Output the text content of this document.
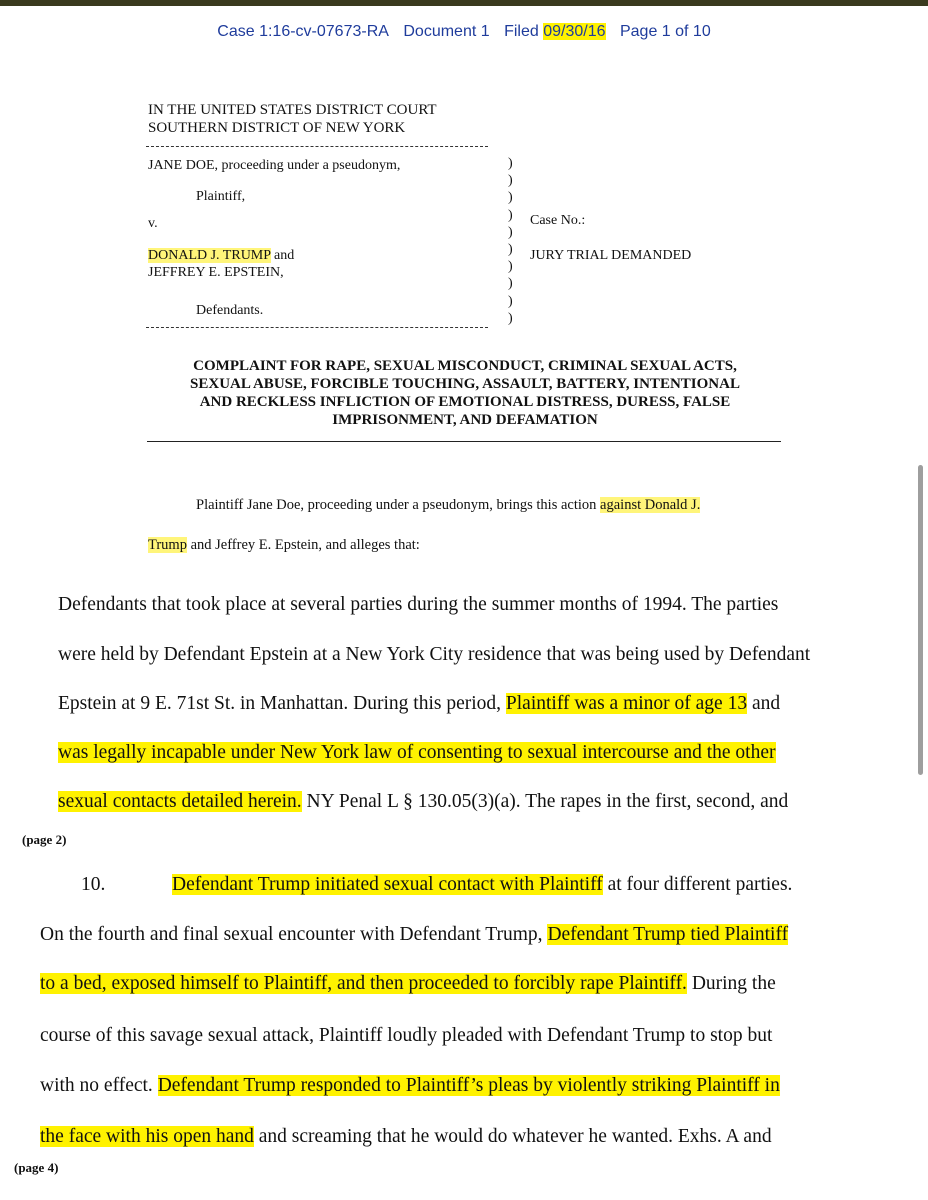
Case 1:16-cv-07673-RA Document 1 Filed 09/30/16 Page 1 of 10
IN THE UNITED STATES DISTRICT COURT
SOUTHERN DISTRICT OF NEW YORK
JANE DOE, proceeding under a pseudonym,
Plaintiff,
v.
DONALD J. TRUMP and
JEFFREY E. EPSTEIN,
Defendants.
)
)
)
)
)
)
)
)
)
)
Case No.:
JURY TRIAL DEMANDED
COMPLAINT FOR RAPE, SEXUAL MISCONDUCT, CRIMINAL SEXUAL ACTS,
SEXUAL ABUSE, FORCIBLE TOUCHING, ASSAULT, BATTERY, INTENTIONAL
AND RECKLESS INFLICTION OF EMOTIONAL DISTRESS, DURESS, FALSE
IMPRISONMENT, AND DEFAMATION
Plaintiff Jane Doe, proceeding under a pseudonym, brings this action against Donald J.
Trump and Jeffrey E. Epstein, and alleges that:
Defendants that took place at several parties during the summer months of 1994. The parties
were held by Defendant Epstein at a New York City residence that was being used by Defendant
Epstein at 9 E. 71st St. in Manhattan. During this period, Plaintiff was a minor of age 13 and
was legally incapable under New York law of consenting to sexual intercourse and the other
sexual contacts detailed herein. NY Penal L § 130.05(3)(a). The rapes in the first, second, and
(page 2)
10.	Defendant Trump initiated sexual contact with Plaintiff at four different parties.
On the fourth and final sexual encounter with Defendant Trump, Defendant Trump tied Plaintiff
to a bed, exposed himself to Plaintiff, and then proceeded to forcibly rape Plaintiff. During the
course of this savage sexual attack, Plaintiff loudly pleaded with Defendant Trump to stop but
with no effect. Defendant Trump responded to Plaintiff’s pleas by violently striking Plaintiff in
the face with his open hand and screaming that he would do whatever he wanted. Exhs. A and
(page 4)
